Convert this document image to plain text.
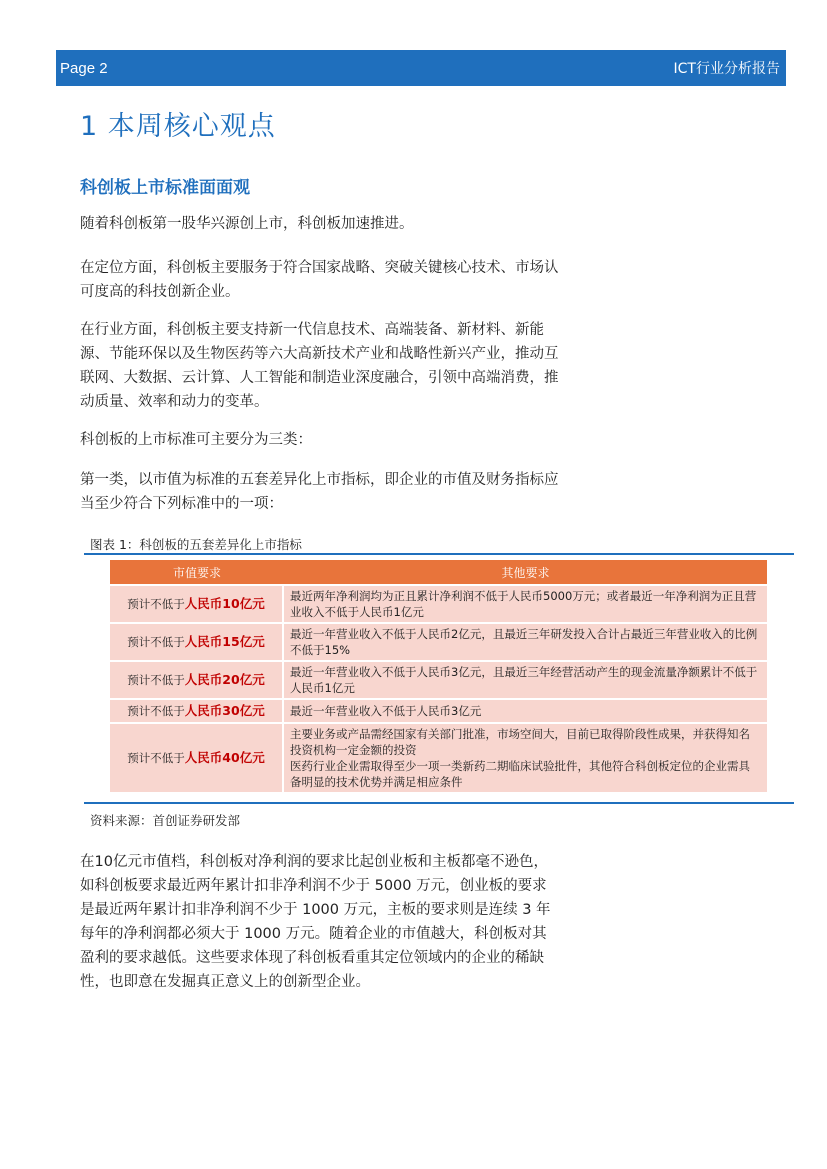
Page 2	ICT行业分析报告
1 本周核心观点
科创板上市标准面面观

随着科创板第一股华兴源创上市，科创板加速推进。

在定位方面，科创板主要服务于符合国家战略、突破关键核心技术、市场认可度高的科技创新企业。

在行业方面，科创板主要支持新一代信息技术、高端装备、新材料、新能源、节能环保以及生物医药等六大高新技术产业和战略性新兴产业，推动互联网、大数据、云计算、人工智能和制造业深度融合，引领中高端消费，推动质量、效率和动力的变革。

科创板的上市标准可主要分为三类：

第一类，以市值为标准的五套差异化上市指标，即企业的市值及财务指标应当至少符合下列标准中的一项：

图表 1：科创板的五套差异化上市指标
市值要求	其他要求
预计不低于人民币10亿元	最近两年净利润均为正且累计净利润不低于人民币5000万元；或者最近一年净利润为正且营业收入不低于人民币1亿元
预计不低于人民币15亿元	最近一年营业收入不低于人民币2亿元，且最近三年研发投入合计占最近三年营业收入的比例不低于15%
预计不低于人民币20亿元	最近一年营业收入不低于人民币3亿元，且最近三年经营活动产生的现金流量净额累计不低于人民币1亿元
预计不低于人民币30亿元	最近一年营业收入不低于人民币3亿元
预计不低于人民币40亿元	主要业务或产品需经国家有关部门批准，市场空间大，目前已取得阶段性成果，并获得知名投资机构一定金额的投资
医药行业企业需取得至少一项一类新药二期临床试验批件，其他符合科创板定位的企业需具备明显的技术优势并满足相应条件
资料来源：首创证券研发部

在10亿元市值档，科创板对净利润的要求比起创业板和主板都毫不逊色，如科创板要求最近两年累计扣非净利润不少于 5000 万元，创业板的要求是最近两年累计扣非净利润不少于 1000 万元，主板的要求则是连续 3 年每年的净利润都必须大于 1000 万元。随着企业的市值越大，科创板对其盈利的要求越低。这些要求体现了科创板看重其定位领域内的企业的稀缺性，也即意在发掘真正意义上的创新型企业。
